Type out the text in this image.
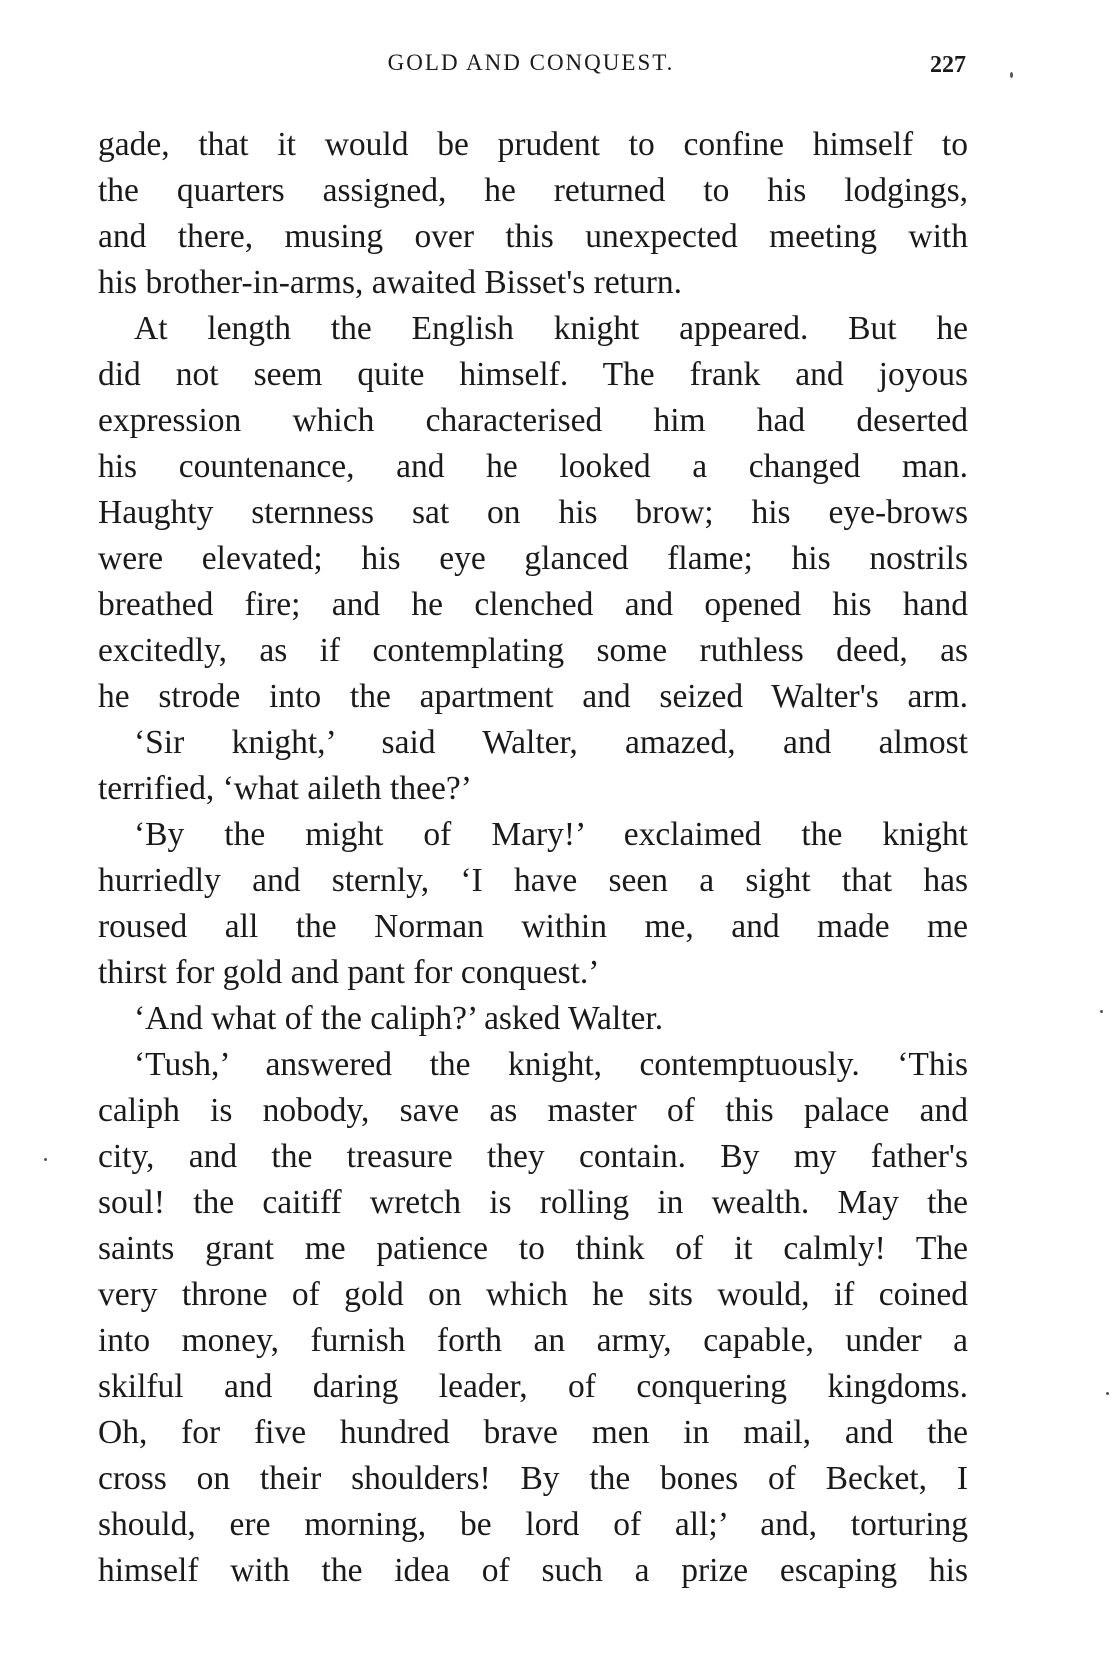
GOLD AND CONQUEST.	227
gade, that it would be prudent to confine himself to
the quarters assigned, he returned to his lodgings,
and there, musing over this unexpected meeting with
his brother-in-arms, awaited Bisset's return.
At length the English knight appeared. But he
did not seem quite himself. The frank and joyous
expression which characterised him had deserted
his countenance, and he looked a changed man.
Haughty sternness sat on his brow; his eye-brows
were elevated; his eye glanced flame; his nostrils
breathed fire; and he clenched and opened his hand
excitedly, as if contemplating some ruthless deed, as
he strode into the apartment and seized Walter's arm.
‘Sir knight,’ said Walter, amazed, and almost
terrified, ‘what aileth thee?’
‘By the might of Mary!’ exclaimed the knight
hurriedly and sternly, ‘I have seen a sight that has
roused all the Norman within me, and made me
thirst for gold and pant for conquest.’
‘And what of the caliph?’ asked Walter.
‘Tush,’ answered the knight, contemptuously. ‘This
caliph is nobody, save as master of this palace and
city, and the treasure they contain. By my father's
soul! the caitiff wretch is rolling in wealth. May the
saints grant me patience to think of it calmly! The
very throne of gold on which he sits would, if coined
into money, furnish forth an army, capable, under a
skilful and daring leader, of conquering kingdoms.
Oh, for five hundred brave men in mail, and the
cross on their shoulders! By the bones of Becket, I
should, ere morning, be lord of all;’ and, torturing
himself with the idea of such a prize escaping his
